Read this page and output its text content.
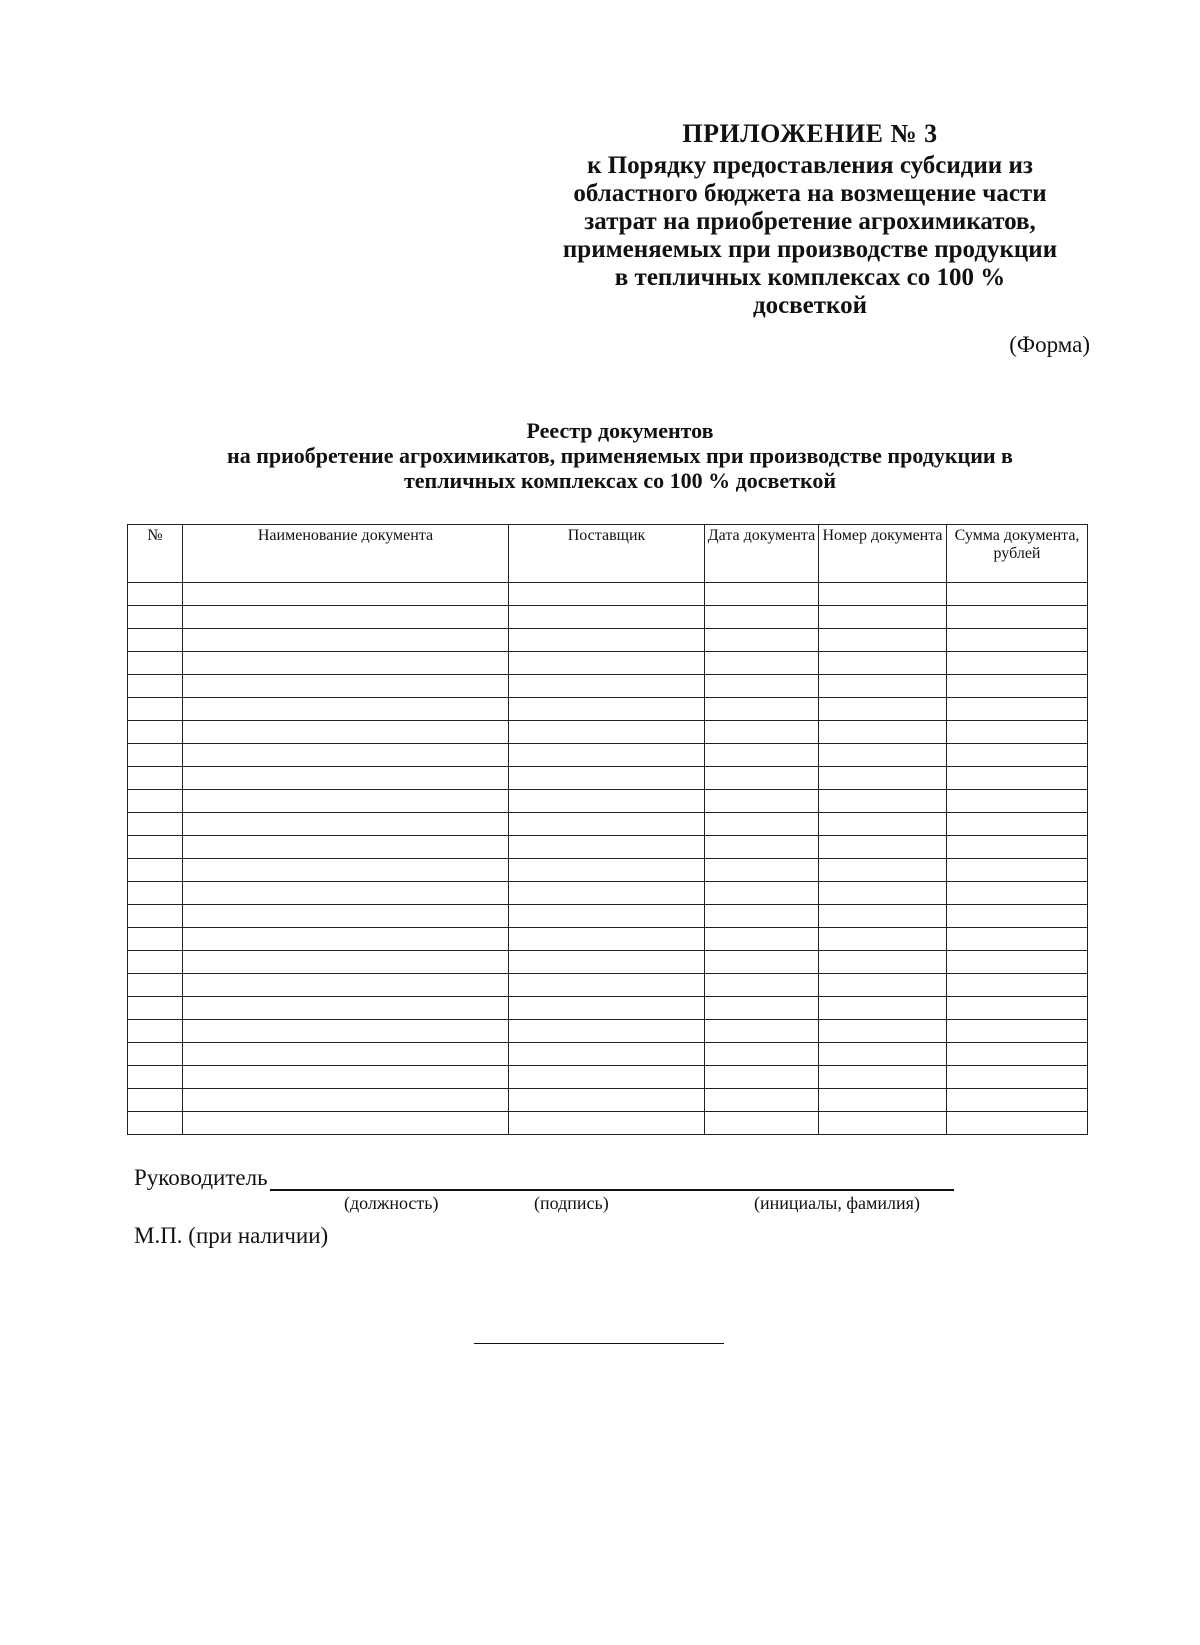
ПРИЛОЖЕНИЕ № 3
к Порядку предоставления субсидии из
областного бюджета на возмещение части
затрат на приобретение агрохимикатов,
применяемых при производстве продукции
в тепличных комплексах со 100 %
досветкой
(Форма)
Реестр документов
на приобретение агрохимикатов, применяемых при производстве продукции в
тепличных комплексах со 100 % досветкой
№	Наименование документа	Поставщик	Дата документа	Номер документа	Сумма документа, рублей

Руководитель
(должность)	(подпись)	(инициалы, фамилия)
М.П. (при наличии)
